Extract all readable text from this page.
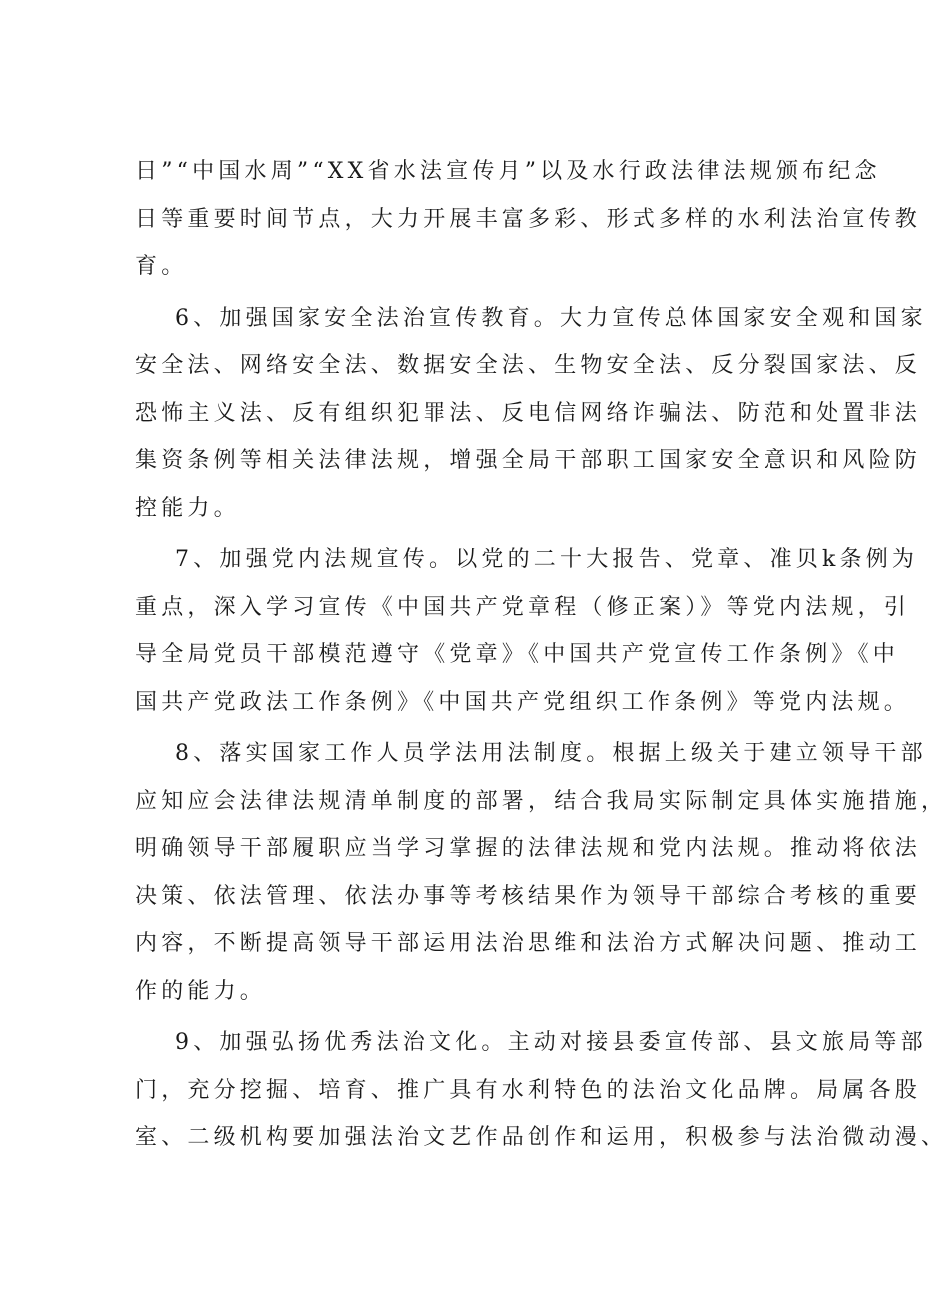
日”“中国水周”“XX省水法宣传月”以及水行政法律法规颁布纪念
日等重要时间节点，大力开展丰富多彩、形式多样的水利法治宣传教
育。
6、加强国家安全法治宣传教育。大力宣传总体国家安全观和国家
安全法、网络安全法、数据安全法、生物安全法、反分裂国家法、反
恐怖主义法、反有组织犯罪法、反电信网络诈骗法、防范和处置非法
集资条例等相关法律法规，增强全局干部职工国家安全意识和风险防
控能力。
7、加强党内法规宣传。以党的二十大报告、党章、准贝k条例为
重点，深入学习宣传《中国共产党章程（修正案）》等党内法规，引
导全局党员干部模范遵守《党章》《中国共产党宣传工作条例》《中
国共产党政法工作条例》《中国共产党组织工作条例》等党内法规。
8、落实国家工作人员学法用法制度。根据上级关于建立领导干部
应知应会法律法规清单制度的部署，结合我局实际制定具体实施措施，
明确领导干部履职应当学习掌握的法律法规和党内法规。推动将依法
决策、依法管理、依法办事等考核结果作为领导干部综合考核的重要
内容，不断提高领导干部运用法治思维和法治方式解决问题、推动工
作的能力。
9、加强弘扬优秀法治文化。主动对接县委宣传部、县文旅局等部
门，充分挖掘、培育、推广具有水利特色的法治文化品牌。局属各股
室、二级机构要加强法治文艺作品创作和运用，积极参与法治微动漫、
